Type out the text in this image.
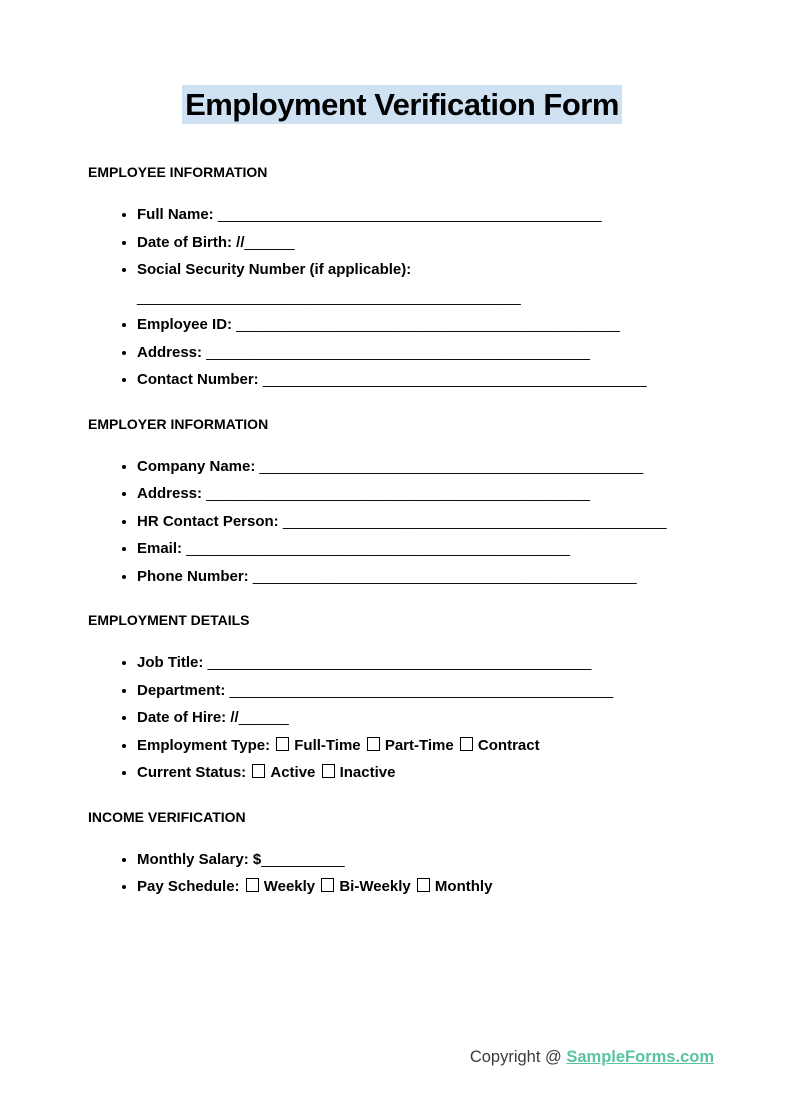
Employment Verification Form
EMPLOYEE INFORMATION
• Full Name: ______________________________________________
• Date of Birth: //______
• Social Security Number (if applicable):
______________________________________________
• Employee ID: ______________________________________________
• Address: ______________________________________________
• Contact Number: ______________________________________________
EMPLOYER INFORMATION
• Company Name: ______________________________________________
• Address: ______________________________________________
• HR Contact Person: ______________________________________________
• Email: ______________________________________________
• Phone Number: ______________________________________________
EMPLOYMENT DETAILS
• Job Title: ______________________________________________
• Department: ______________________________________________
• Date of Hire: //______
• Employment Type: Full-Time Part-Time Contract
• Current Status: Active Inactive
INCOME VERIFICATION
• Monthly Salary: $__________
• Pay Schedule: Weekly Bi-Weekly Monthly
Copyright @ SampleForms.com
